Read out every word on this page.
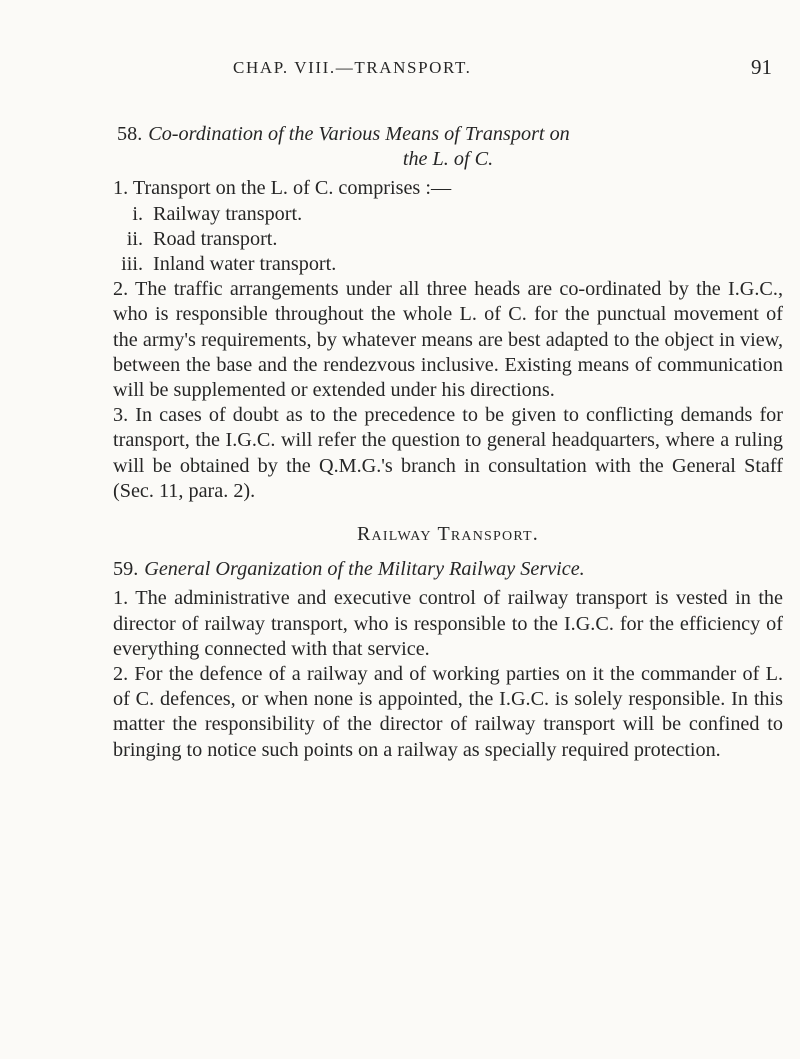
CHAP. VIII.—TRANSPORT.	91

58. Co-ordination of the Various Means of Transport on
the L. of C.

1. Transport on the L. of C. comprises :—

i. Railway transport.
ii. Road transport.
iii. Inland water transport.

2. The traffic arrangements under all three heads are co-ordinated by the I.G.C., who is responsible throughout the whole L. of C. for the punctual movement of the army's requirements, by whatever means are best adapted to the object in view, between the base and the rendezvous inclusive. Existing means of communication will be supplemented or extended under his directions.

3. In cases of doubt as to the precedence to be given to conflicting demands for transport, the I.G.C. will refer the question to general headquarters, where a ruling will be obtained by the Q.M.G.'s branch in consultation with the General Staff (Sec. 11, para. 2).

Railway Transport.

59. General Organization of the Military Railway Service.

1. The administrative and executive control of railway transport is vested in the director of railway transport, who is responsible to the I.G.C. for the efficiency of everything connected with that service.

2. For the defence of a railway and of working parties on it the commander of L. of C. defences, or when none is appointed, the I.G.C. is solely responsible. In this matter the responsibility of the director of railway transport will be confined to bringing to notice such points on a railway as specially required protection.
